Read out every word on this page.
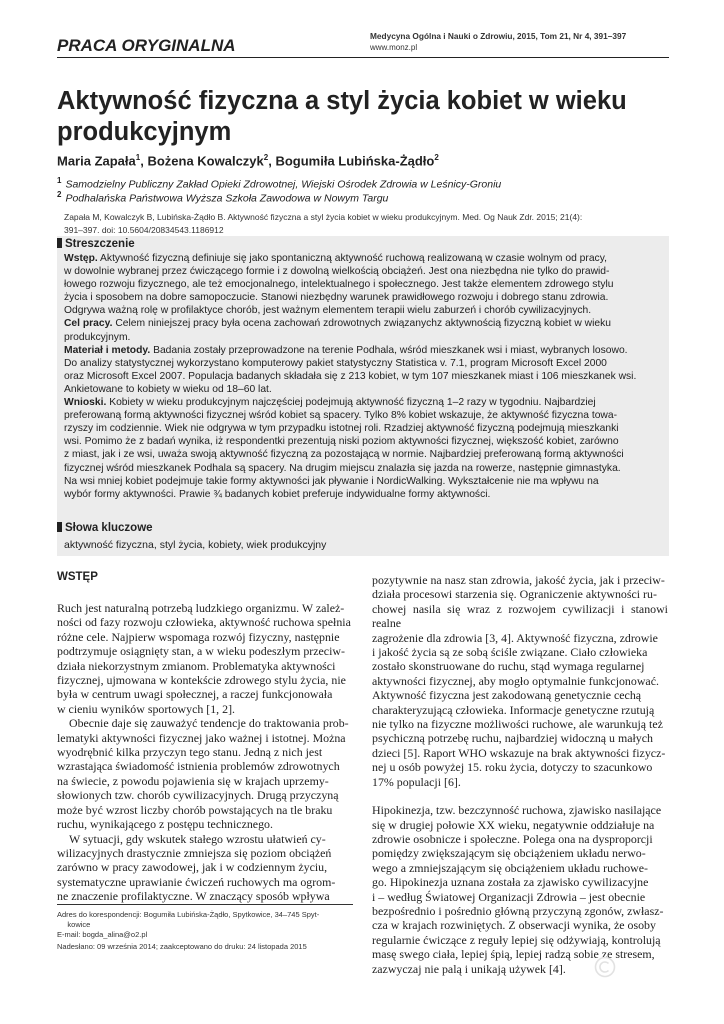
PRACA ORYGINALNA	Medycyna Ogólna i Nauki o Zdrowiu, 2015, Tom 21, Nr 4, 391–397
www.monz.pl
Aktywność fizyczna a styl życia kobiet w wieku
produkcyjnym
Maria Zapała$^1$, Bożena Kowalczyk$^2$, Bogumiła Lubińska-Żądło$^2$
$^1$ Samodzielny Publiczny Zakład Opieki Zdrowotnej, Wiejski Ośrodek Zdrowia w Leśnicy-Groniu
$^2$ Podhalańska Państwowa Wyższa Szkoła Zawodowa w Nowym Targu
Zapała M, Kowalczyk B, Lubińska-Żądło B. Aktywność fizyczna a styl życia kobiet w wieku produkcyjnym. Med. Og Nauk Zdr. 2015; 21(4):
391–397. doi: 10.5604/20834543.1186912
Streszczenie

Wstęp. Aktywność fizyczną definiuje się jako spontaniczną aktywność ruchową realizowaną w czasie wolnym od pracy,
w dowolnie wybranej przez ćwiczącego formie i z dowolną wielkością obciążeń. Jest ona niezbędna nie tylko do prawid-
łowego rozwoju fizycznego, ale też emocjonalnego, intelektualnego i społecznego. Jest także elementem zdrowego stylu
życia i sposobem na dobre samopoczucie. Stanowi niezbędny warunek prawidłowego rozwoju i dobrego stanu zdrowia.
Odgrywa ważną rolę w profilaktyce chorób, jest ważnym elementem terapii wielu zaburzeń i chorób cywilizacyjnych.

Cel pracy. Celem niniejszej pracy była ocena zachowań zdrowotnych związanychz aktywnością fizyczną kobiet w wieku
produkcyjnym.

Materiał i metody. Badania zostały przeprowadzone na terenie Podhala, wśród mieszkanek wsi i miast, wybranych losowo.
Do analizy statystycznej wykorzystano komputerowy pakiet statystyczny Statistica v. 7.1, program Microsoft Excel 2000
oraz Microsoft Excel 2007. Populacja badanych składała się z 213 kobiet, w tym 107 mieszkanek miast i 106 mieszkanek wsi.
Ankietowane to kobiety w wieku od 18–60 lat.

Wnioski. Kobiety w wieku produkcyjnym najczęściej podejmują aktywność fizyczną 1–2 razy w tygodniu. Najbardziej
preferowaną formą aktywności fizycznej wśród kobiet są spacery. Tylko 8% kobiet wskazuje, że aktywność fizyczna towa-
rzyszy im codziennie. Wiek nie odgrywa w tym przypadku istotnej roli. Rzadziej aktywność fizyczną podejmują mieszkanki
wsi. Pomimo że z badań wynika, iż respondentki prezentują niski poziom aktywności fizycznej, większość kobiet, zarówno
z miast, jak i ze wsi, uważa swoją aktywność fizyczną za pozostającą w normie. Najbardziej preferowaną formą aktywności
fizycznej wśród mieszkanek Podhala są spacery. Na drugim miejscu znalazła się jazda na rowerze, następnie gimnastyka.
Na wsi mniej kobiet podejmuje takie formy aktywności jak pływanie i NordicWalking. Wykształcenie nie ma wpływu na
wybór formy aktywności. Prawie ¾ badanych kobiet preferuje indywidualne formy aktywności.

Słowa kluczowe
aktywność fizyczna, styl życia, kobiety, wiek produkcyjny
WSTĘP

Ruch jest naturalną potrzebą ludzkiego organizmu. W zależ-
ności od fazy rozwoju człowieka, aktywność ruchowa spełnia
różne cele. Najpierw wspomaga rozwój fizyczny, następnie
podtrzymuje osiągnięty stan, a w wieku podeszłym przeciw-
działa niekorzystnym zmianom. Problematyka aktywności
fizycznej, ujmowana w kontekście zdrowego stylu życia, nie
była w centrum uwagi społecznej, a raczej funkcjonowała
w cieniu wyników sportowych [1, 2].

Obecnie daje się zauważyć tendencje do traktowania prob-
lematyki aktywności fizycznej jako ważnej i istotnej. Można
wyodrębnić kilka przyczyn tego stanu. Jedną z nich jest
wzrastająca świadomość istnienia problemów zdrowotnych
na świecie, z powodu pojawienia się w krajach uprzemy-
słowionych tzw. chorób cywilizacyjnych. Drugą przyczyną
może być wzrost liczby chorób powstających na tle braku
ruchu, wynikającego z postępu technicznego.

W sytuacji, gdy wskutek stałego wzrostu ułatwień cy-
wilizacyjnych drastycznie zmniejsza się poziom obciążeń
zarówno w pracy zawodowej, jak i w codziennym życiu,
systematyczne uprawianie ćwiczeń ruchowych ma ogrom-
ne znaczenie profilaktyczne. W znaczący sposób wpływa

pozytywnie na nasz stan zdrowia, jakość życia, jak i przeciw-
działa procesowi starzenia się. Ograniczenie aktywności ru-
chowej nasila się wraz z rozwojem cywilizacji i stanowi realne
zagrożenie dla zdrowia [3, 4]. Aktywność fizyczna, zdrowie
i jakość życia są ze sobą ściśle związane. Ciało człowieka
zostało skonstruowane do ruchu, stąd wymaga regularnej
aktywności fizycznej, aby mogło optymalnie funkcjonować.
Aktywność fizyczna jest zakodowaną genetycznie cechą
charakteryzującą człowieka. Informacje genetyczne rzutują
nie tylko na fizyczne możliwości ruchowe, ale warunkują też
psychiczną potrzebę ruchu, najbardziej widoczną u małych
dzieci [5]. Raport WHO wskazuje na brak aktywności fizycz-
nej u osób powyżej 15. roku życia, dotyczy to szacunkowo
17% populacji [6].

Hipokinezja, tzw. bezczynność ruchowa, zjawisko nasilające
się w drugiej połowie XX wieku, negatywnie oddziałuje na
zdrowie osobnicze i społeczne. Polega ona na dysproporcji
pomiędzy zwiększającym się obciążeniem układu nerwo-
wego a zmniejszającym się obciążeniem układu ruchowe-
go. Hipokinezja uznana została za zjawisko cywilizacyjne
i – według Światowej Organizacji Zdrowia – jest obecnie
bezpośrednio i pośrednio główną przyczyną zgonów, zwłasz-
cza w krajach rozwiniętych. Z obserwacji wynika, że osoby
regularnie ćwiczące z reguły lepiej się odżywiają, kontrolują
masę swego ciała, lepiej śpią, lepiej radzą sobie ze stresem,
zazwyczaj nie palą i unikają używek [4].

Adres do korespondencji: Bogumiła Lubińska-Żądło, Spytkowice, 34–745 Spyt-
kowice

E-mail: bogda_alina@o2.pl

Nadesłano: 09 września 2014; zaakceptowano do druku: 24 listopada 2015
